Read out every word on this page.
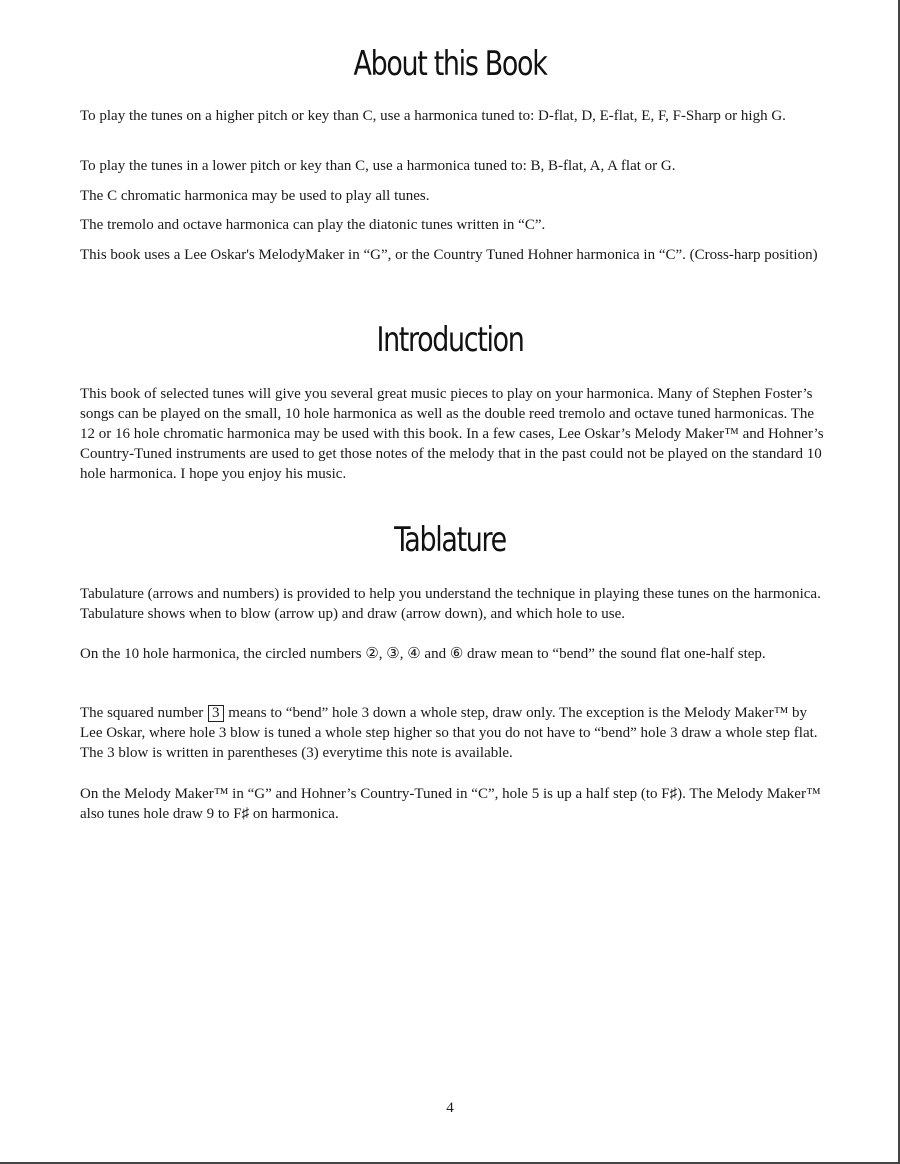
About this Book

To play the tunes on a higher pitch or key than C, use a harmonica tuned to: D-flat, D, E-flat, E, F, F-Sharp or high G.

To play the tunes in a lower pitch or key than C, use a harmonica tuned to: B, B-flat, A, A flat or G.

The C chromatic harmonica may be used to play all tunes.

The tremolo and octave harmonica can play the diatonic tunes written in “C”.

This book uses a Lee Oskar's MelodyMaker in “G”, or the Country Tuned Hohner harmonica in “C”. (Cross-harp position)

Introduction

This book of selected tunes will give you several great music pieces to play on your harmonica. Many of Stephen Foster’s songs can be played on the small, 10 hole harmonica as well as the double reed tremolo and octave tuned harmonicas. The 12 or 16 hole chromatic harmonica may be used with this book. In a few cases, Lee Oskar’s Melody Maker™ and Hohner’s Country-Tuned instruments are used to get those notes of the melody that in the past could not be played on the standard 10 hole harmonica. I hope you enjoy his music.

Tablature

Tabulature (arrows and numbers) is provided to help you understand the technique in playing these tunes on the harmonica. Tabulature shows when to blow (arrow up) and draw (arrow down), and which hole to use.

On the 10 hole harmonica, the circled numbers ②, ③, ④ and ⑥ draw mean to “bend” the sound flat one-half step.

The squared number 3 means to “bend” hole 3 down a whole step, draw only. The exception is the Melody Maker™ by Lee Oskar, where hole 3 blow is tuned a whole step higher so that you do not have to “bend” hole 3 draw a whole step flat. The 3 blow is written in parentheses (3) everytime this note is available.

On the Melody Maker™ in “G” and Hohner’s Country-Tuned in “C”, hole 5 is up a half step (to F♯). The Melody Maker™ also tunes hole draw 9 to F♯ on harmonica.

4
